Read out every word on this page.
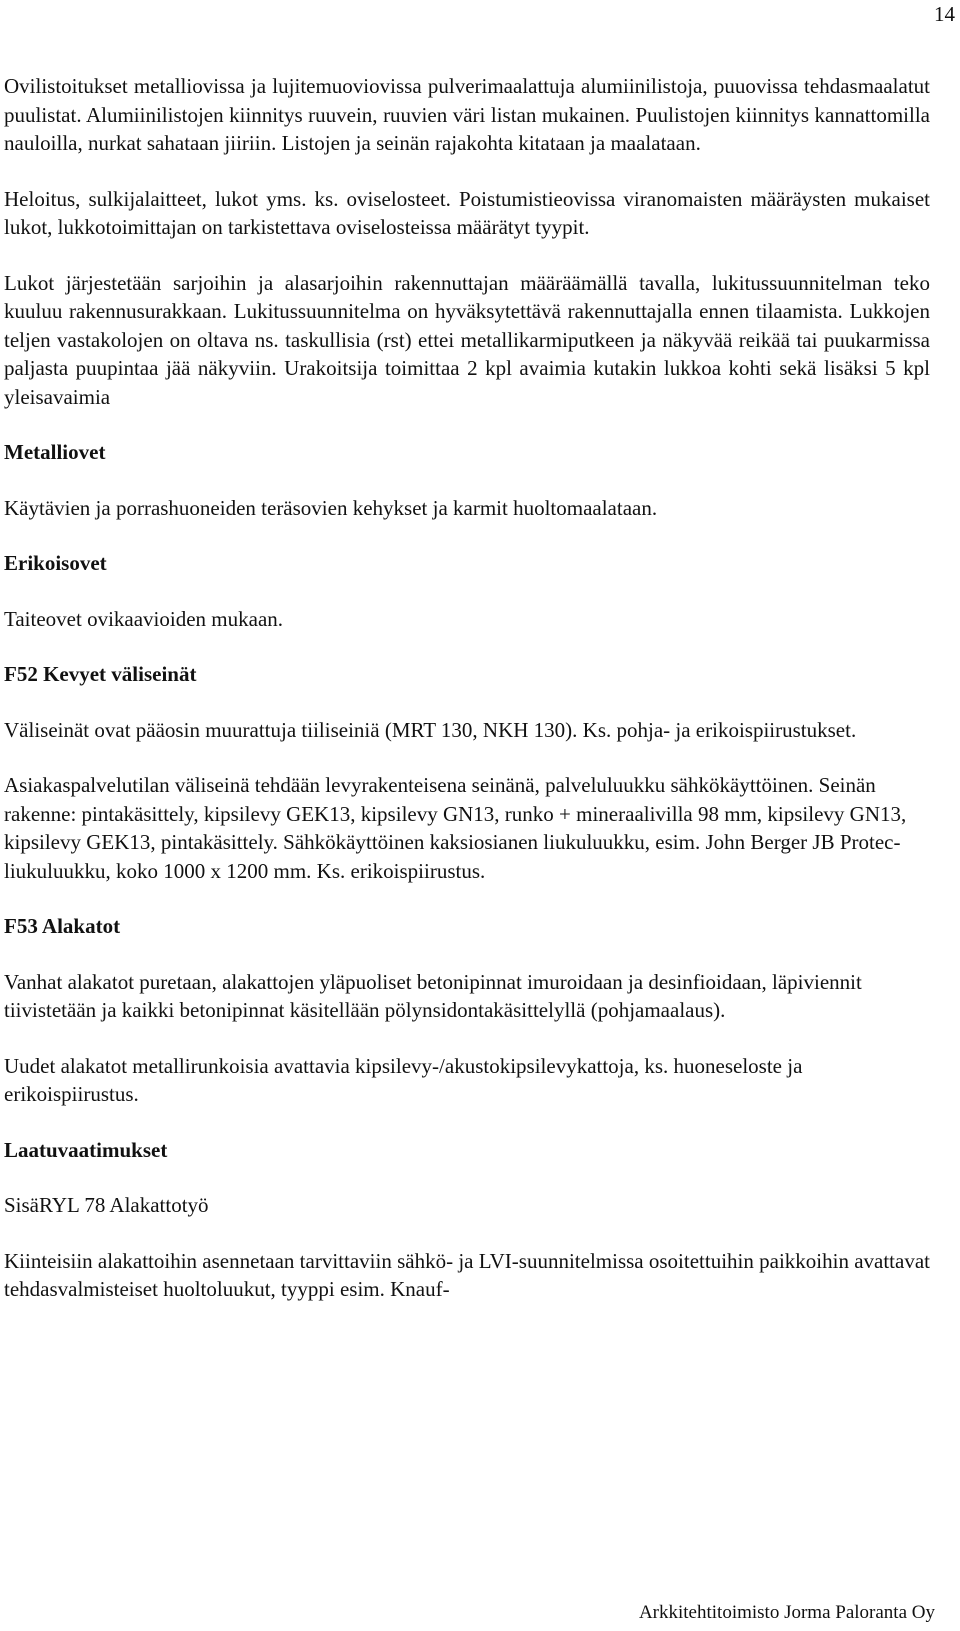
14

Ovilistoitukset metalliovissa ja lujitemuoviovissa pulverimaalattuja alumiinilistoja, puuovissa tehdasmaalatut puulistat. Alumiinilistojen kiinnitys ruuvein, ruuvien väri listan mukainen. Puulistojen kiinnitys kannattomilla nauloilla, nurkat sahataan jiiriin. Listojen ja seinän rajakohta kitataan ja maalataan.

Heloitus, sulkijalaitteet, lukot yms. ks. oviselosteet. Poistumistieovissa viranomaisten määräysten mukaiset lukot, lukkotoimittajan on tarkistettava oviselosteissa määrätyt tyypit.

Lukot järjestetään sarjoihin ja alasarjoihin rakennuttajan määräämällä tavalla, lukitussuunnitelman teko kuuluu rakennusurakkaan. Lukitussuunnitelma on hyväksytettävä rakennuttajalla ennen tilaamista. Lukkojen teljen vastakolojen on oltava ns. taskullisia (rst) ettei metallikarmiputkeen ja näkyvää reikää tai puukarmissa paljasta puupintaa jää näkyviin. Urakoitsija toimittaa 2 kpl avaimia kutakin lukkoa kohti sekä lisäksi 5 kpl yleisavaimia

Metalliovet

Käytävien ja porrashuoneiden teräsovien kehykset ja karmit huoltomaalataan.

Erikoisovet

Taiteovet ovikaavioiden mukaan.

F52 Kevyet väliseinät

Väliseinät ovat pääosin muurattuja tiiliseiniä (MRT 130, NKH 130). Ks. pohja- ja erikoispiirustukset.

Asiakaspalvelutilan väliseinä tehdään levyrakenteisena seinänä, palveluluukku sähkökäyttöinen. Seinän rakenne: pintakäsittely, kipsilevy GEK13, kipsilevy GN13, runko + mineraalivilla 98 mm, kipsilevy GN13, kipsilevy GEK13, pintakäsittely. Sähkökäyttöinen kaksiosianen liukuluukku, esim. John Berger JB Protec-liukuluukku, koko 1000 x 1200 mm. Ks. erikoispiirustus.

F53 Alakatot

Vanhat alakatot puretaan, alakattojen yläpuoliset betonipinnat imuroidaan ja desinfioidaan, läpiviennit tiivistetään ja kaikki betonipinnat käsitellään pölynsidontakäsittelyllä (pohjamaalaus).

Uudet alakatot metallirunkoisia avattavia kipsilevy-/akustokipsilevykattoja, ks. huoneseloste ja erikoispiirustus.

Laatuvaatimukset

SisäRYL 78 Alakattotyö

Kiinteisiin alakattoihin asennetaan tarvittaviin sähkö- ja LVI-suunnitelmissa osoitettuihin paikkoihin avattavat tehdasvalmisteiset huoltoluukut, tyyppi esim. Knauf-

Arkkitehtitoimisto Jorma Paloranta Oy
